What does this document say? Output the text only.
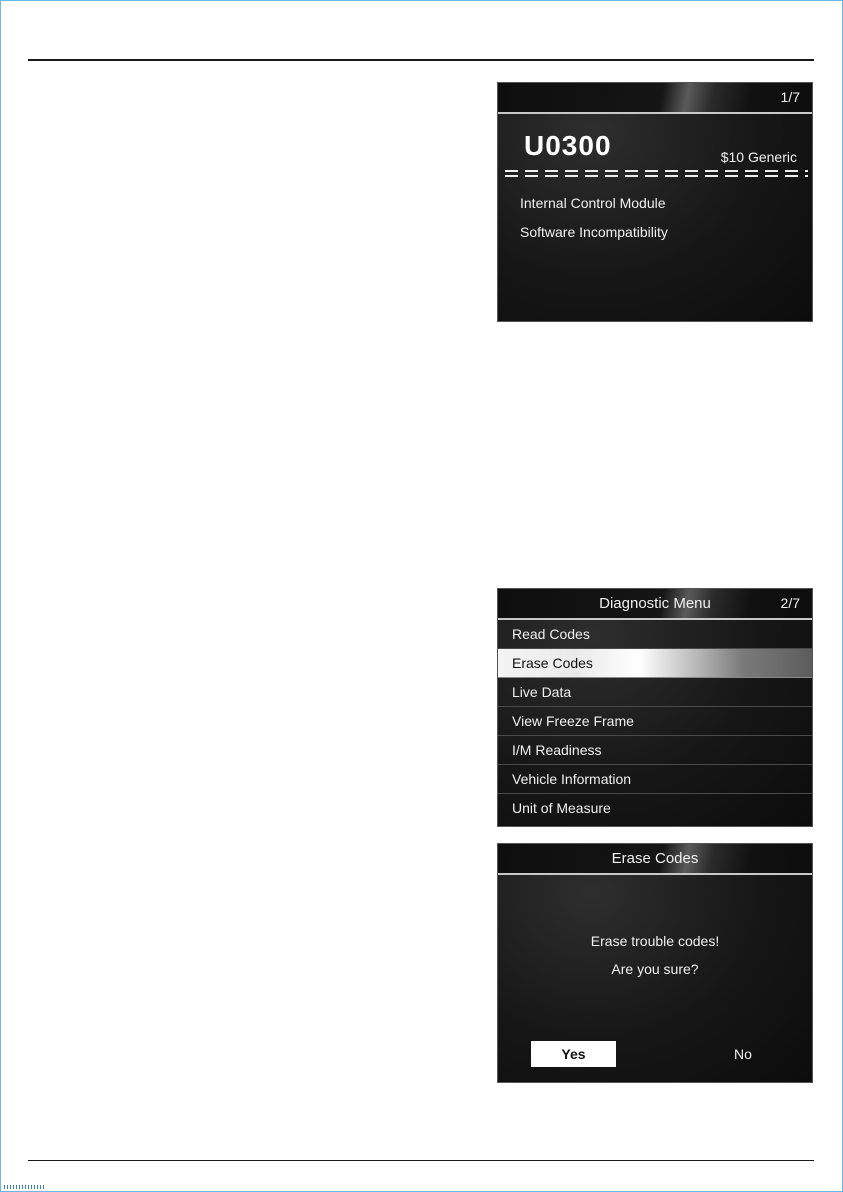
1/7
U0300	$10 Generic
Internal Control Module
Software Incompatibility
Diagnostic Menu	2/7
Read Codes
Erase Codes
Live Data
View Freeze Frame
I/M Readiness
Vehicle Information
Unit of Measure
Erase Codes
Erase trouble codes!
Are you sure?
Yes	No
